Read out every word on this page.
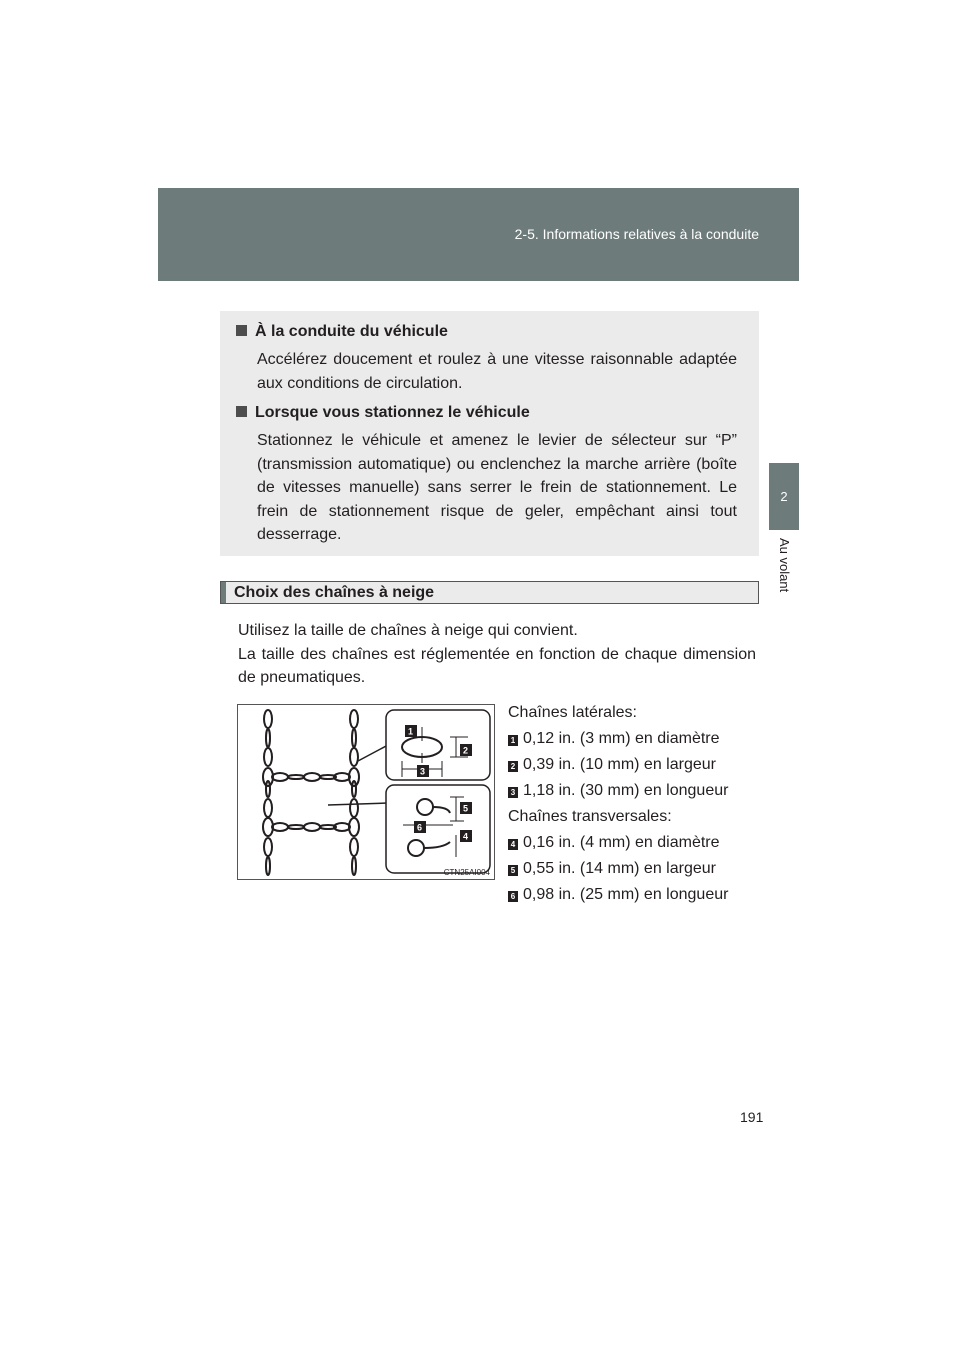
2-5. Informations relatives à la conduite
2
Au volant
À la conduite du véhicule
Accélérez doucement et roulez à une vitesse raisonnable adaptée aux conditions de circulation.
Lorsque vous stationnez le véhicule
Stationnez le véhicule et amenez le levier de sélecteur sur “P” (transmission automatique) ou enclenchez la marche arrière (boîte de vitesses manuelle) sans serrer le frein de stationnement. Le frein de stationnement risque de geler, empêchant ainsi tout desserrage.
Choix des chaînes à neige

Utilisez la taille de chaînes à neige qui convient.

La taille des chaînes est réglementée en fonction de chaque dimension de pneumatiques.

1
2
3
4
5
6
CTN25AI004
Chaînes latérales:
1 0,12 in. (3 mm) en diamètre
2 0,39 in. (10 mm) en largeur
3 1,18 in. (30 mm) en longueur
Chaînes transversales:
4 0,16 in. (4 mm) en diamètre
5 0,55 in. (14 mm) en largeur
6 0,98 in. (25 mm) en longueur
191
